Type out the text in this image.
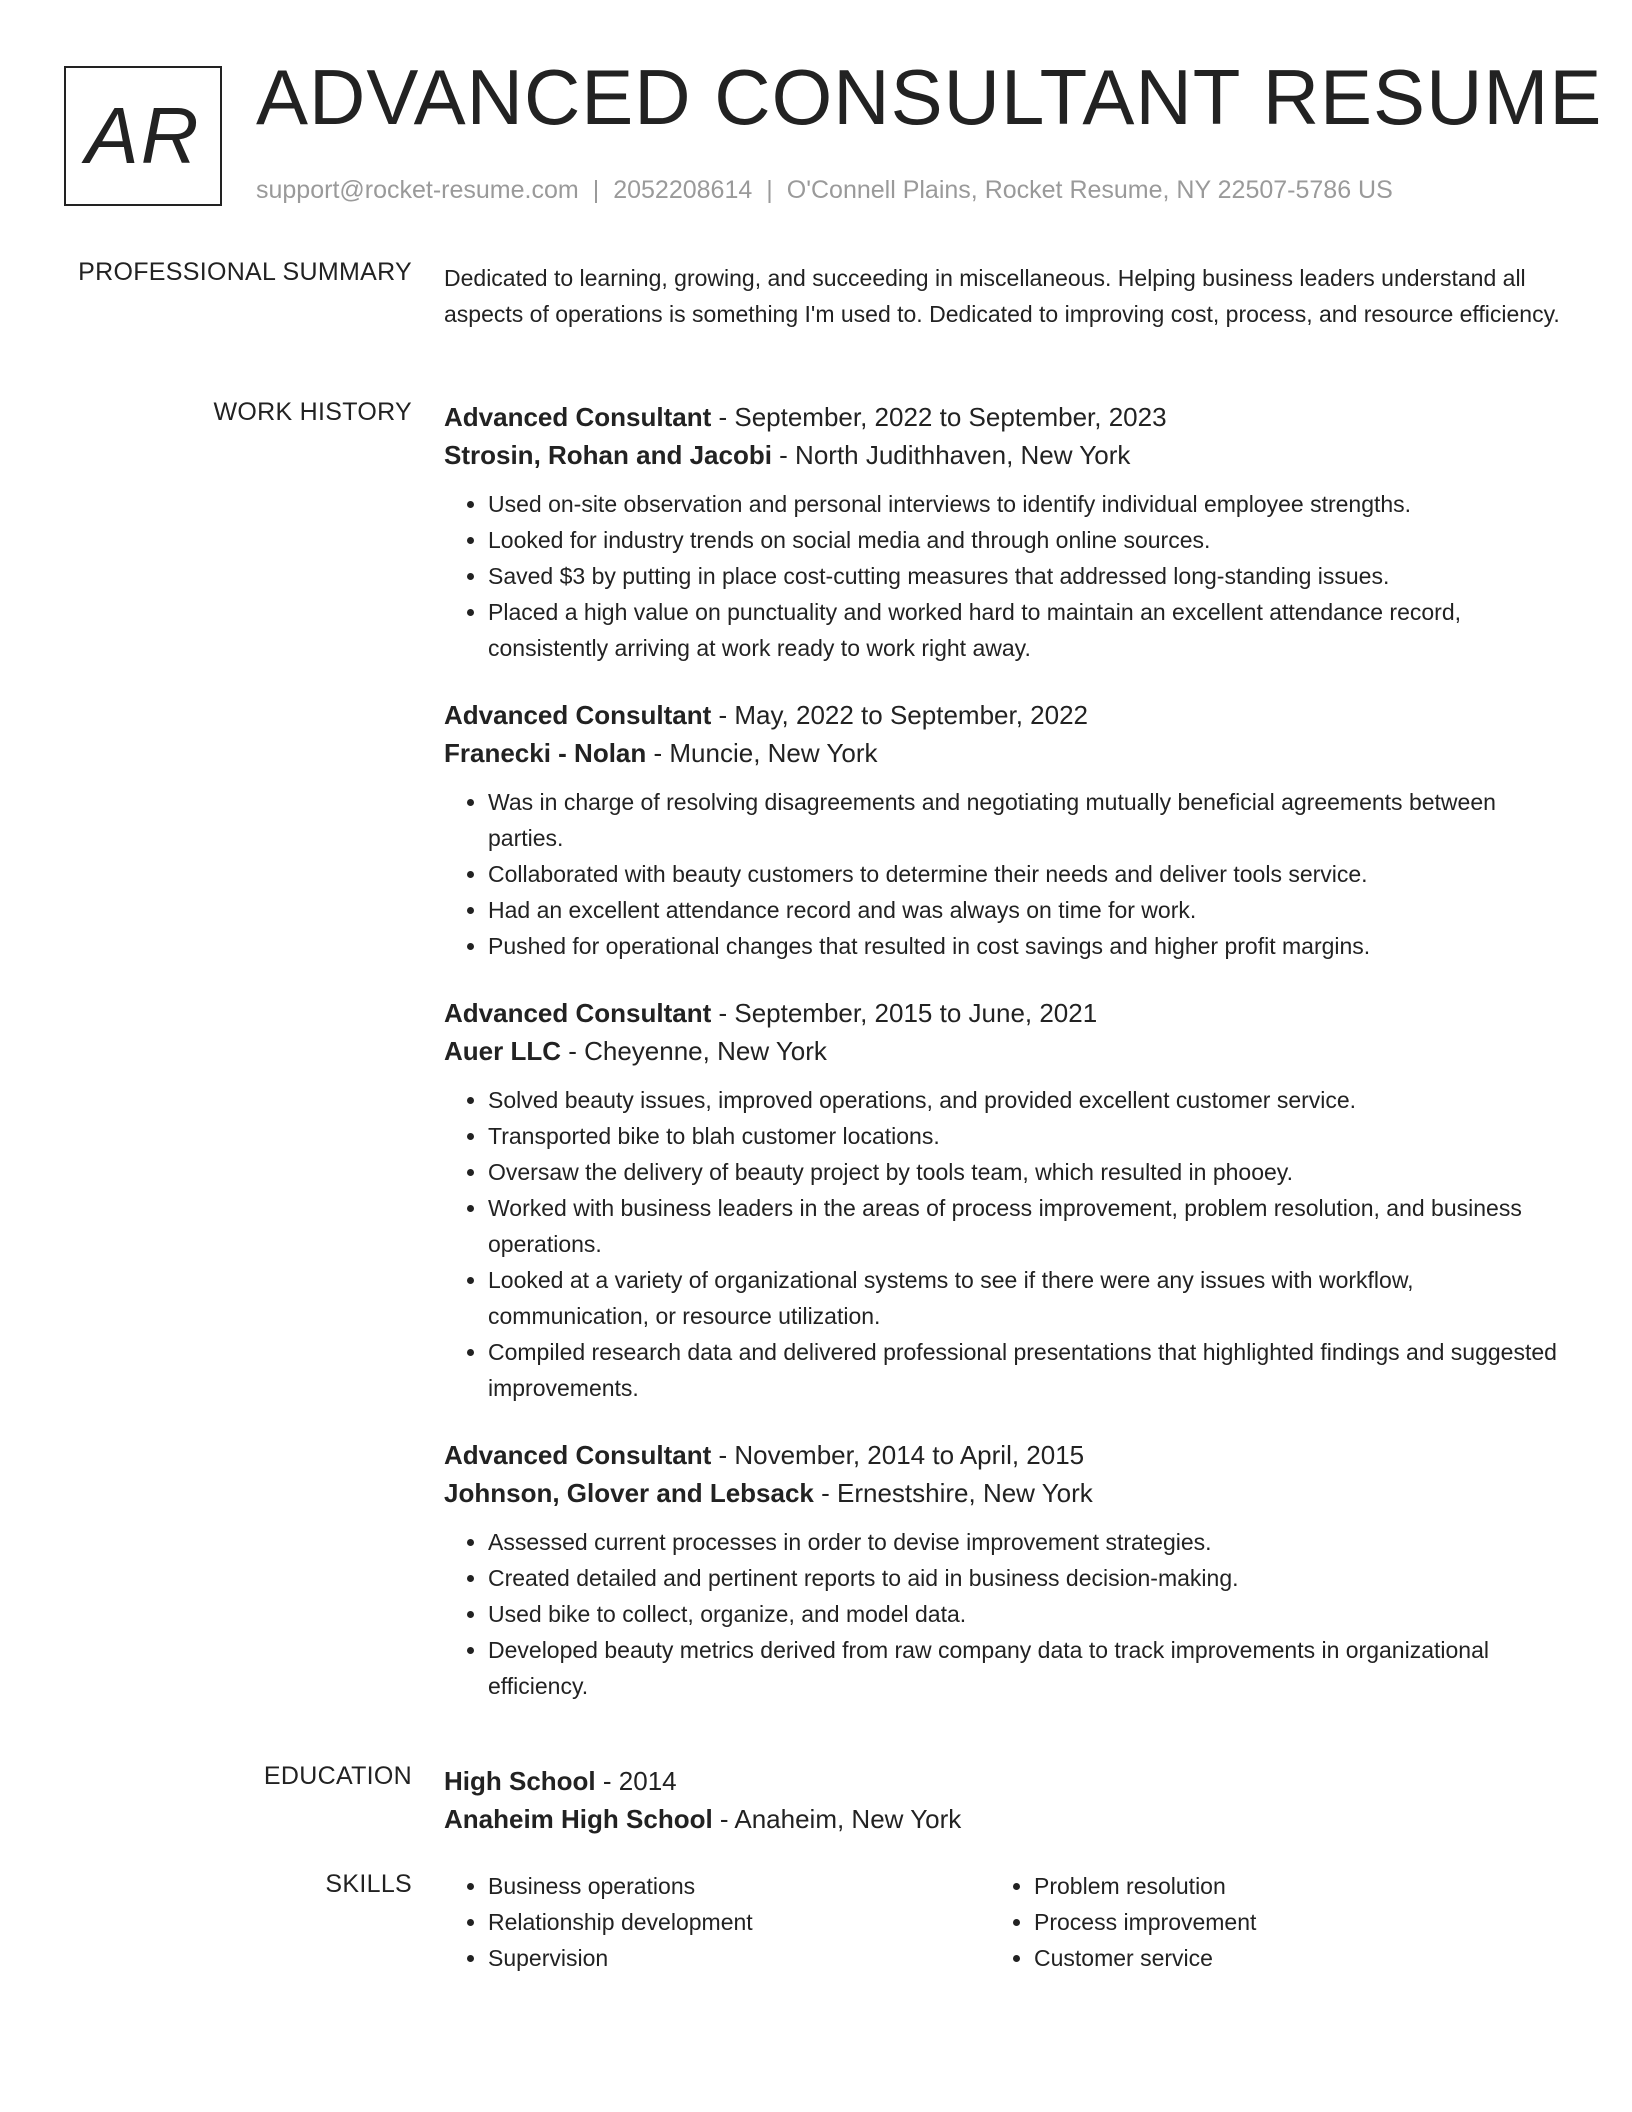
AR ADVANCED CONSULTANT RESUME
support@rocket-resume.com | 2052208614 | O'Connell Plains, Rocket Resume, NY 22507-5786 US
PROFESSIONAL SUMMARY Dedicated to learning, growing, and succeeding in miscellaneous. Helping business leaders understand all aspects of operations is something I'm used to. Dedicated to improving cost, process, and resource efficiency.

WORK HISTORY Advanced Consultant - September, 2022 to September, 2023
Strosin, Rohan and Jacobi - North Judithhaven, New York
• Used on-site observation and personal interviews to identify individual employee strengths.
• Looked for industry trends on social media and through online sources.
• Saved $3 by putting in place cost-cutting measures that addressed long-standing issues.
• Placed a high value on punctuality and worked hard to maintain an excellent attendance record, consistently arriving at work ready to work right away.
Advanced Consultant - May, 2022 to September, 2022
Franecki - Nolan - Muncie, New York
• Was in charge of resolving disagreements and negotiating mutually beneficial agreements between parties.
• Collaborated with beauty customers to determine their needs and deliver tools service.
• Had an excellent attendance record and was always on time for work.
• Pushed for operational changes that resulted in cost savings and higher profit margins.
Advanced Consultant - September, 2015 to June, 2021
Auer LLC - Cheyenne, New York
• Solved beauty issues, improved operations, and provided excellent customer service.
• Transported bike to blah customer locations.
• Oversaw the delivery of beauty project by tools team, which resulted in phooey.
• Worked with business leaders in the areas of process improvement, problem resolution, and business operations.
• Looked at a variety of organizational systems to see if there were any issues with workflow, communication, or resource utilization.
• Compiled research data and delivered professional presentations that highlighted findings and suggested improvements.
Advanced Consultant - November, 2014 to April, 2015
Johnson, Glover and Lebsack - Ernestshire, New York
• Assessed current processes in order to devise improvement strategies.
• Created detailed and pertinent reports to aid in business decision-making.
• Used bike to collect, organize, and model data.
• Developed beauty metrics derived from raw company data to track improvements in organizational efficiency.
EDUCATION High School - 2014
Anaheim High School - Anaheim, New York
SKILLS
•	Business operations
• Relationship development
• Supervision
• Problem resolution
• Process improvement
• Customer service
